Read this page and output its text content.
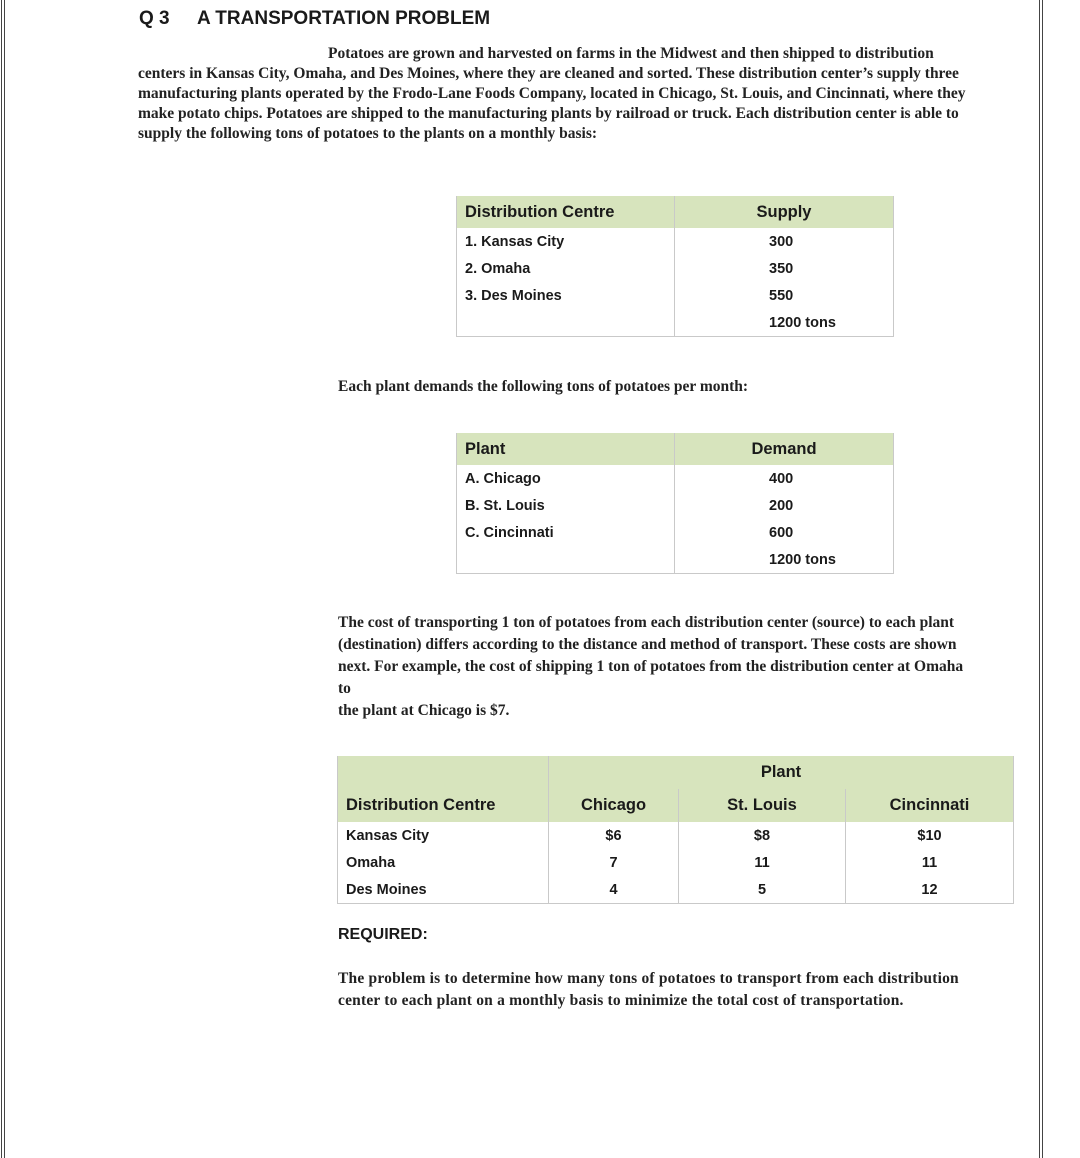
Q 3 A TRANSPORTATION PROBLEM
Potatoes are grown and harvested on farms in the Midwest and then shipped to distribution centers in Kansas City, Omaha, and Des Moines, where they are cleaned and sorted. These distribution center’s supply three manufacturing plants operated by the Frodo-Lane Foods Company, located in Chicago, St. Louis, and Cincinnati, where they make potato chips. Potatoes are shipped to the manufacturing plants by railroad or truck. Each distribution center is able to supply the following tons of potatoes to the plants on a monthly basis:
Distribution Centre	Supply
1. Kansas City	300
2. Omaha	350
3. Des Moines	550
	1200 tons
Each plant demands the following tons of potatoes per month:
Plant	Demand
A. Chicago	400
B. St. Louis	200
C. Cincinnati	600
	1200 tons
The cost of transporting 1 ton of potatoes from each distribution center (source) to each plant (destination) differs according to the distance and method of transport. These costs are shown next. For example, the cost of shipping 1 ton of potatoes from the distribution center at Omaha to
the plant at Chicago is $7.
	Plant		
Distribution Centre	Chicago	St. Louis	Cincinnati
Kansas City	$6	$8	$10
Omaha	7	11	11
Des Moines	4	5	12
REQUIRED:
The problem is to determine how many tons of potatoes to transport from each distribution center to each plant on a monthly basis to minimize the total cost of transportation.
